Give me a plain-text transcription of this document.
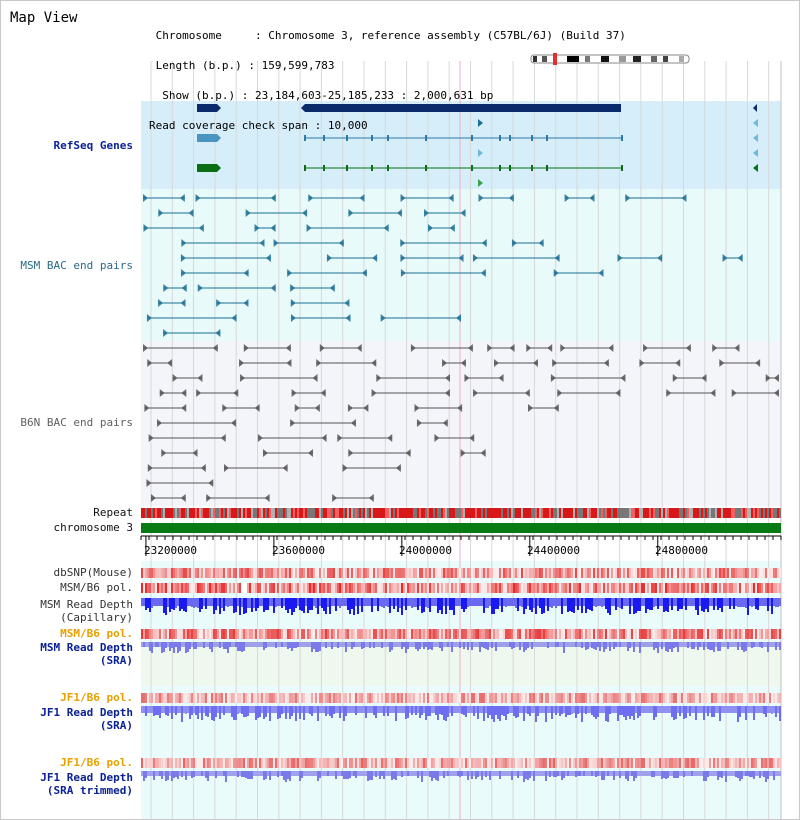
Map View

Chromosome     : Chromosome 3, reference assembly (C57BL/6J) (Build 37)

Length (b.p.) : 159,599,783

Show (b.p.) : 23,184,603-25,185,233 : 2,000,631 bp

Read coverage check span : 10,000

RefSeq Genes
MSM BAC end pairs
B6N BAC end pairs
Repeat
chromosome 3
dbSNP(Mouse)
MSM/B6 pol.
MSM Read Depth
(Capillary)
MSM/B6 pol.
MSM Read Depth
(SRA)
JF1/B6 pol.
JF1 Read Depth
(SRA)
JF1/B6 pol.
JF1 Read Depth
(SRA trimmed)
23200000	23600000	24000000	24400000	24800000
